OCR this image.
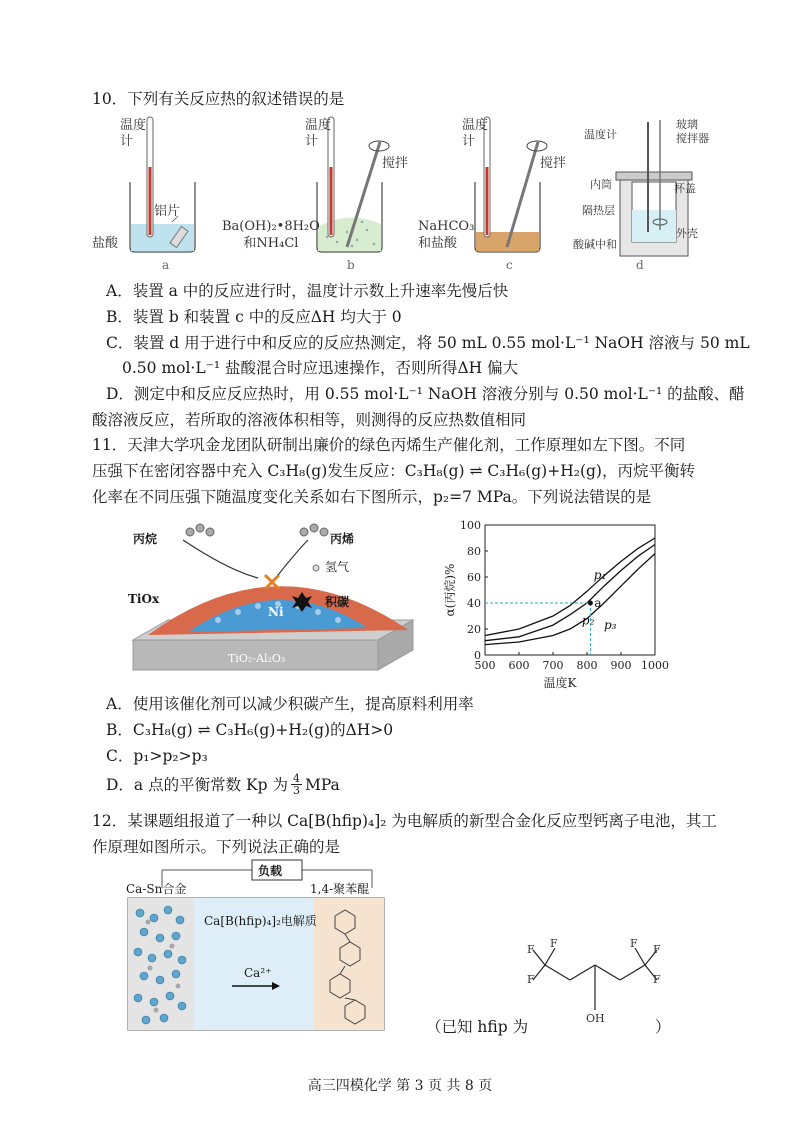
10．下列有关反应热的叙述错误的是
温度
计
铝片
盐酸
a
温度
计
搅拌
Ba(OH)₂•8H₂O
和NH₄Cl
b
温度
计
搅拌
NaHCO₃
和盐酸
c
温度计
玻璃
搅拌器
内筒	杯盖
隔热层
外壳
酸碱中和
d
A．装置 a 中的反应进行时，温度计示数上升速率先慢后快
B．装置 b 和装置 c 中的反应ΔH 均大于 0
C．装置 d 用于进行中和反应的反应热测定，将 50 mL 0.55 mol·L⁻¹ NaOH 溶液与 50 mL
0.50 mol·L⁻¹ 盐酸混合时应迅速操作，否则所得ΔH 偏大
D．测定中和反应反应热时，用 0.55 mol·L⁻¹ NaOH 溶液分别与 0.50 mol·L⁻¹ 的盐酸、醋
酸溶液反应，若所取的溶液体积相等，则测得的反应热数值相同
11．天津大学巩金龙团队研制出廉价的绿色丙烯生产催化剂，工作原理如左下图。不同
压强下在密闭容器中充入 C₃H₈(g)发生反应：C₃H₈(g) ⇌ C₃H₆(g)+H₂(g)，丙烷平衡转
化率在不同压强下随温度变化关系如右下图所示，p₂=7 MPa。下列说法错误的是
丙烷	丙烯
氢气
积碳
TiOx
Ni
TiO₂-Al₂O₃
500 600 700 800 900 1000
0
20
40
60
80
100
温度K
α(丙烷)%	p₁
p₂ p₃
a
A．使用该催化剂可以减少积碳产生，提高原料利用率
B．C₃H₈(g) ⇌ C₃H₆(g)+H₂(g)的ΔH>0
C．p₁>p₂>p₃
D．a 点的平衡常数 Kp 为 $\frac{4}{3}$ MPa
12．某课题组报道了一种以 Ca[B(hfip)₄]₂ 为电解质的新型合金化反应型钙离子电池，其工
作原理如图所示。下列说法正确的是
负载
Ca-Sn合金	1,4-聚苯醌
Ca[B(hfip)₄]₂电解质
Ca²⁺
F
F
F	F F
F
OH
（已知 hfip 为	）
高三四模化学 第 3 页 共 8 页
